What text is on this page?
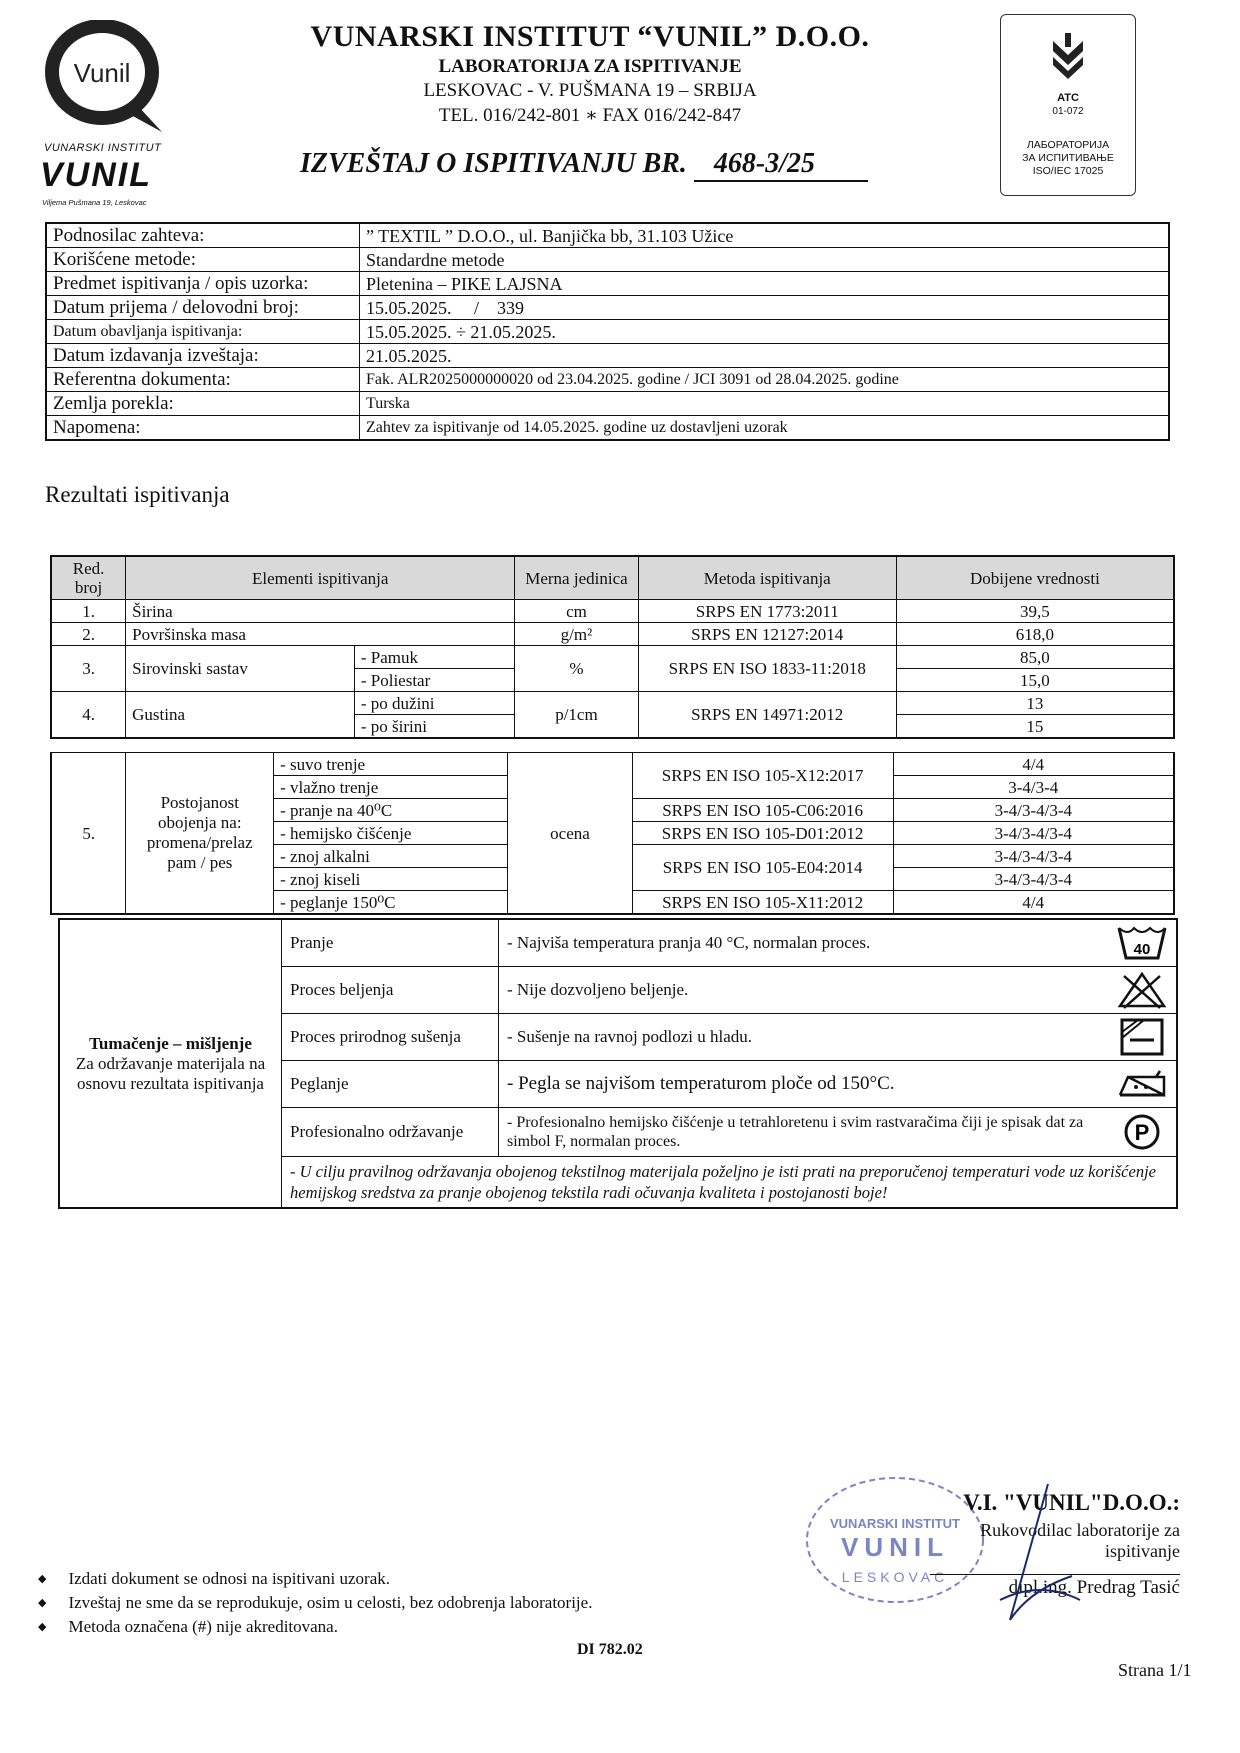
Vunil
VUNARSKI INSTITUT
VUNIL
Viljema Pušmana 19, Leskovac
VUNARSKI INSTITUT “VUNIL” D.O.O.
LABORATORIJA ZA ISPITIVANJE
LESKOVAC - V. PUŠMANA 19 – SRBIJA
TEL. 016/242-801 ∗ FAX 016/242-847
IZVEŠTAJ O ISPITIVANJU BR. 468-3/25
ATC
01-072
ЛАБОРАТОРИЈА
ЗА ИСПИТИВАЊЕ
ISO/IEC 17025
Podnosilac zahteva:	” TEXTIL ” D.O.O., ul. Banjička bb, 31.103 Užice
Korišćene metode:	Standardne metode
Predmet ispitivanja / opis uzorka:	Pletenina – PIKE LAJSNA
Datum prijema / delovodni broj:	15.05.2025.     /    339
Datum obavljanja ispitivanja:	15.05.2025. ÷ 21.05.2025.
Datum izdavanja izveštaja:	21.05.2025.
Referentna dokumenta:	Fak. ALR2025000000020 od 23.04.2025. godine / JCI 3091 od 28.04.2025. godine
Zemlja porekla:	Turska
Napomena:	Zahtev za ispitivanje od 14.05.2025. godine uz dostavljeni uzorak
Rezultati ispitivanja
Red. broj	Elementi ispitivanja		Merna jedinica	Metoda ispitivanja	Dobijene vrednosti
1.	Širina		cm	SRPS EN 1773:2011	39,5
2.	Površinska masa		g/m²	SRPS EN 12127:2014	618,0
3.	Sirovinski sastav	- Pamuk	%	SRPS EN ISO 1833-11:2018	85,0
		- Poliestar			15,0
4.	Gustina	- po dužini	p/1cm	SRPS EN 14971:2012	13
		- po širini			15
5.	Postojanost obojenja na: promena/prelaz pam / pes	- suvo trenje	ocena	SRPS EN ISO 105-X12:2017	4/4
		- vlažno trenje			3-4/3-4
		- pranje na 40⁰C		SRPS EN ISO 105-C06:2016	3-4/3-4/3-4
		- hemijsko čišćenje		SRPS EN ISO 105-D01:2012	3-4/3-4/3-4
		- znoj alkalni		SRPS EN ISO 105-E04:2014	3-4/3-4/3-4
		- znoj kiseli			3-4/3-4/3-4
		- peglanje 150⁰C		SRPS EN ISO 105-X11:2012	4/4
Tumačenje – mišljenje
Za održavanje materijala na osnovu rezultata ispitivanja	Pranje	- Najviša temperatura pranja 40 °C, normalan proces.	40

	Proces beljenja	- Nije dozvoljeno beljenje.	

	Proces prirodnog sušenja	- Sušenje na ravnoj podlozi u hladu.	

	Peglanje	- Pegla se najvišom temperaturom ploče od 150°C.	

	Profesionalno održavanje	- Profesionalno hemijsko čišćenje u tetrahloretenu i svim rastvaračima čiji je spisak dat za simbol F, normalan proces.	P

	- U cilju pravilnog održavanja obojenog tekstilnog materijala poželjno je isti prati na preporučenoj temperaturi vode uz korišćenje hemijskog sredstva za pranje obojenog tekstila radi očuvanja kvaliteta i postojanosti boje!		
VUNARSKI INSTITUT
VUNIL
LESKOVAC
V.I. "VUNIL"D.O.O.:
Rukovodilac laboratorije za ispitivanje
dipl.ing. Predrag Tasić
◆ Izdati dokument se odnosi na ispitivani uzorak.
◆ Izveštaj ne sme da se reprodukuje, osim u celosti, bez odobrenja laboratorije.
◆ Metoda označena (#) nije akreditovana.
DI 782.02
Strana 1/1
